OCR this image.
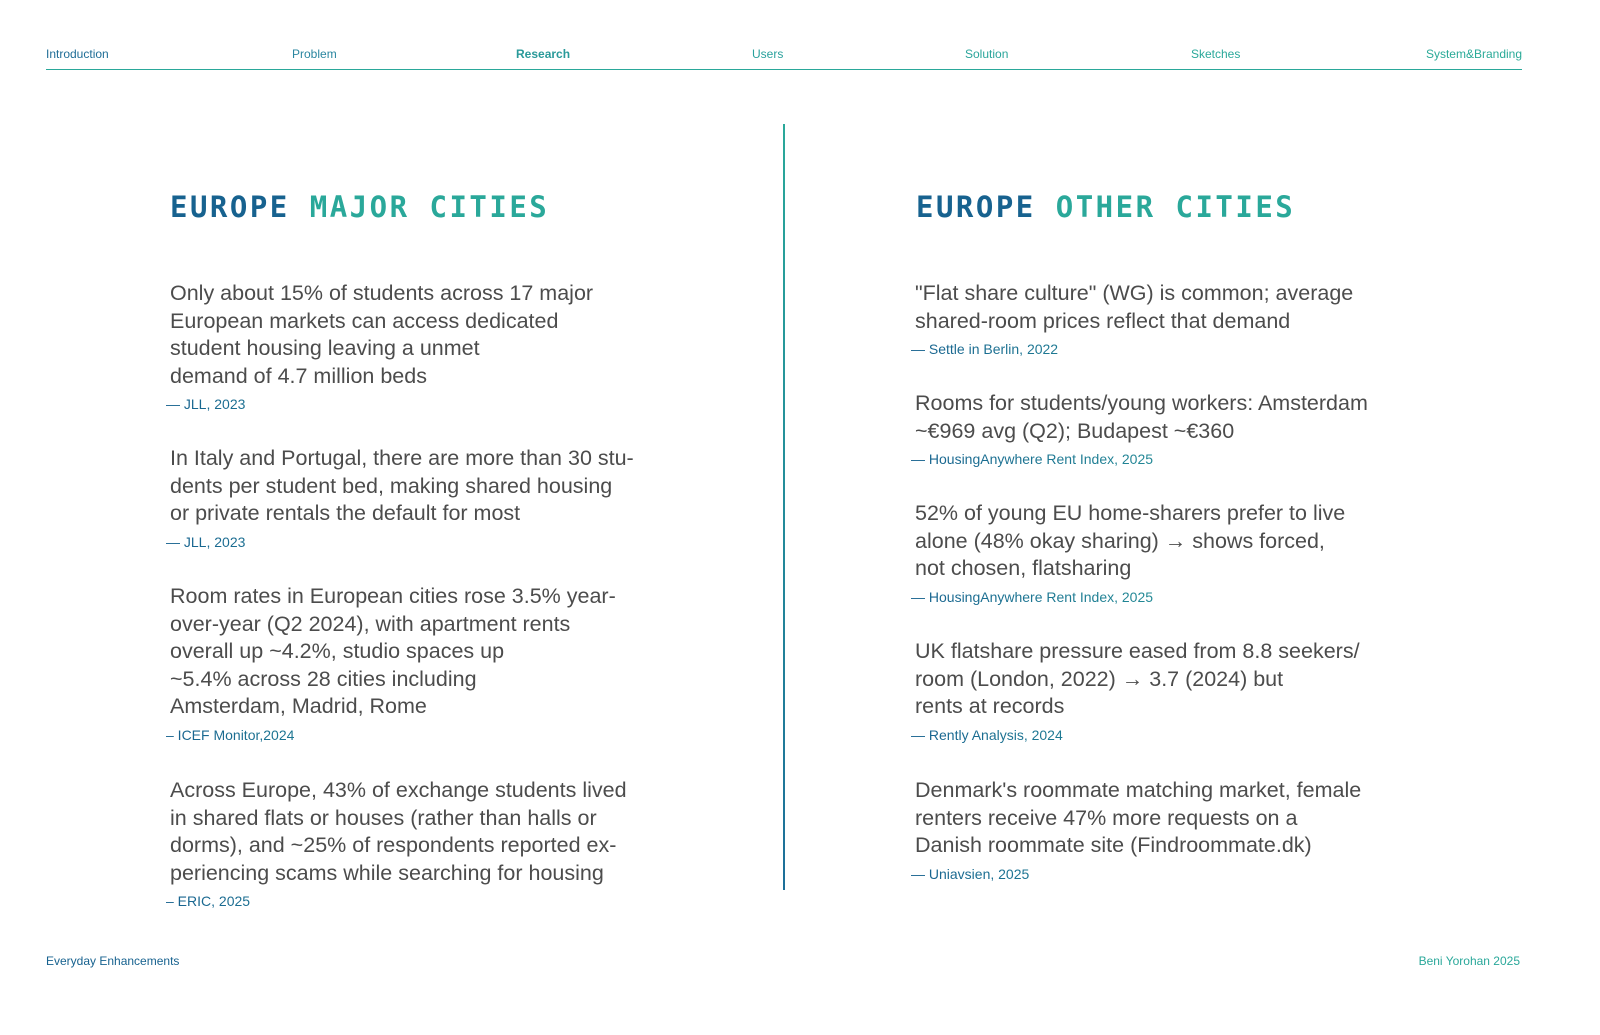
Introduction	Problem	Research	Users	Solution	Sketches	System&Branding
EUROPE MAJOR CITIES

Only about 15% of students across 17 major
European markets can access dedicated
student housing leaving a unmet
demand of 4.7 million beds

— JLL, 2023

In Italy and Portugal, there are more than 30 stu-
dents per student bed, making shared housing
or private rentals the default for most

— JLL, 2023

Room rates in European cities rose 3.5% year-
over-year (Q2 2024), with apartment rents
overall up ~4.2%, studio spaces up
~5.4% across 28 cities including
Amsterdam, Madrid, Rome

– ICEF Monitor,2024

Across Europe, 43% of exchange students lived
in shared flats or houses (rather than halls or
dorms), and ~25% of respondents reported ex-
periencing scams while searching for housing

– ERIC, 2025

EUROPE OTHER CITIES

"Flat share culture" (WG) is common; average
shared-room prices reflect that demand

— Settle in Berlin, 2022

Rooms for students/young workers: Amsterdam
~€969 avg (Q2); Budapest ~€360

— HousingAnywhere Rent Index, 2025

52% of young EU home-sharers prefer to live
alone (48% okay sharing) → shows forced,
not chosen, flatsharing

— HousingAnywhere Rent Index, 2025

UK flatshare pressure eased from 8.8 seekers/
room (London, 2022) → 3.7 (2024) but
rents at records

— Rently Analysis, 2024

Denmark's roommate matching market, female
renters receive 47% more requests on a
Danish roommate site (Findroommate.dk)

— Uniavsien, 2025

Everyday Enhancements	Beni Yorohan 2025
